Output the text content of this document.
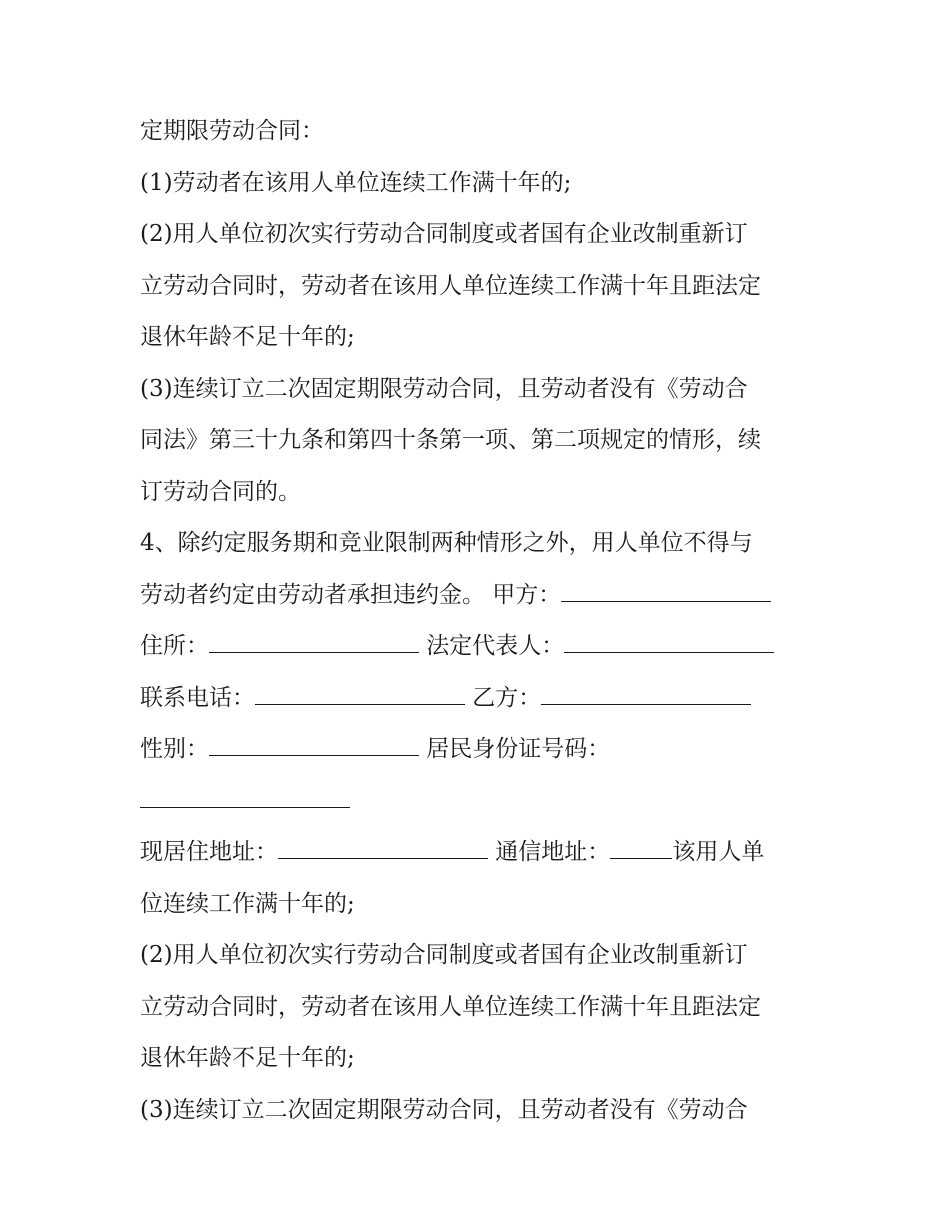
定期限劳动合同：
(1)劳动者在该用人单位连续工作满十年的;
(2)用人单位初次实行劳动合同制度或者国有企业改制重新订
立劳动合同时，劳动者在该用人单位连续工作满十年且距法定
退休年龄不足十年的;
(3)连续订立二次固定期限劳动合同，且劳动者没有《劳动合
同法》第三十九条和第四十条第一项、第二项规定的情形，续
订劳动合同的。
4、除约定服务期和竞业限制两种情形之外，用人单位不得与
劳动者约定由劳动者承担违约金。 甲方：
住所：	法定代表人：
联系电话：	乙方：
性别：	居民身份证号码：
现居住地址：	通信地址：	该用人单
位连续工作满十年的;
(2)用人单位初次实行劳动合同制度或者国有企业改制重新订
立劳动合同时，劳动者在该用人单位连续工作满十年且距法定
退休年龄不足十年的;
(3)连续订立二次固定期限劳动合同，且劳动者没有《劳动合
